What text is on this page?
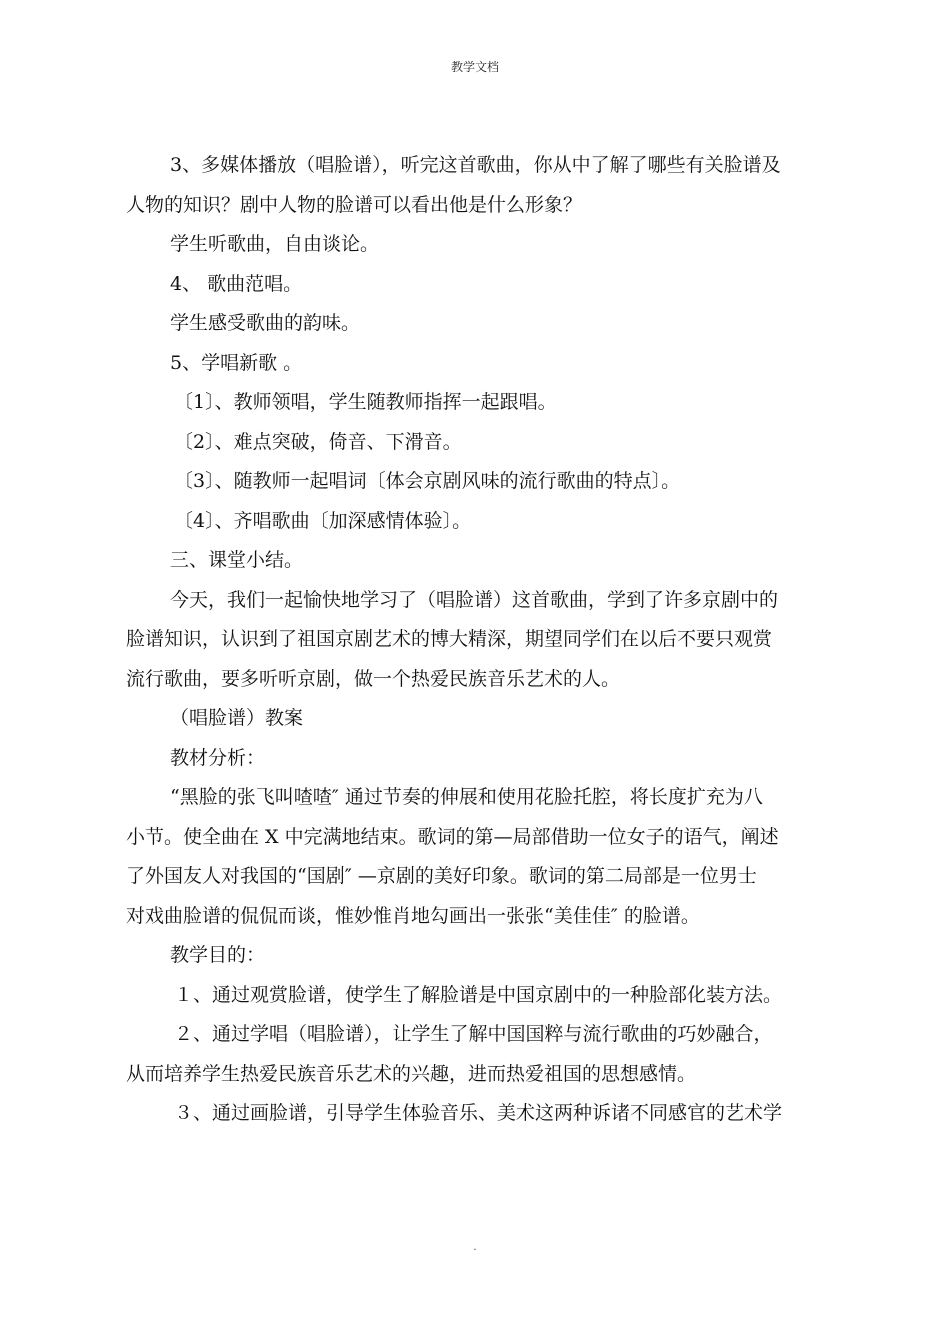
教学文档

3、多媒体播放（唱脸谱），听完这首歌曲，你从中了解了哪些有关脸谱及
人物的知识？剧中人物的脸谱可以看出他是什么形象？

学生听歌曲，自由谈论。

4、 歌曲范唱。

学生感受歌曲的韵味。

5、学唱新歌 。

〔1〕、教师领唱，学生随教师指挥一起跟唱。

〔2〕、难点突破，倚音、下滑音。

〔3〕、随教师一起唱词〔体会京剧风味的流行歌曲的特点〕。

〔4〕、齐唱歌曲〔加深感情体验〕。

三、课堂小结。

今天，我们一起愉快地学习了（唱脸谱）这首歌曲，学到了许多京剧中的
脸谱知识，认识到了祖国京剧艺术的博大精深，期望同学们在以后不要只观赏
流行歌曲，要多听听京剧，做一个热爱民族音乐艺术的人。

（唱脸谱）教案

教材分析：

“黑脸的张飞叫喳喳″ 通过节奏的伸展和使用花脸托腔，将长度扩充为八
小节。使全曲在 X 中完满地结束。歌词的第—局部借助一位女子的语气，阐述
了外国友人对我国的“国剧″ —京剧的美好印象。歌词的第二局部是一位男士
对戏曲脸谱的侃侃而谈，惟妙惟肖地勾画出一张张“美佳佳″ 的脸谱。

教学目的：

１、通过观赏脸谱，使学生了解脸谱是中国京剧中的一种脸部化装方法。

２、通过学唱（唱脸谱），让学生了解中国国粹与流行歌曲的巧妙融合，
从而培养学生热爱民族音乐艺术的兴趣，进而热爱祖国的思想感情。

３、通过画脸谱，引导学生体验音乐、美术这两种诉诸不同感官的艺术学

.
